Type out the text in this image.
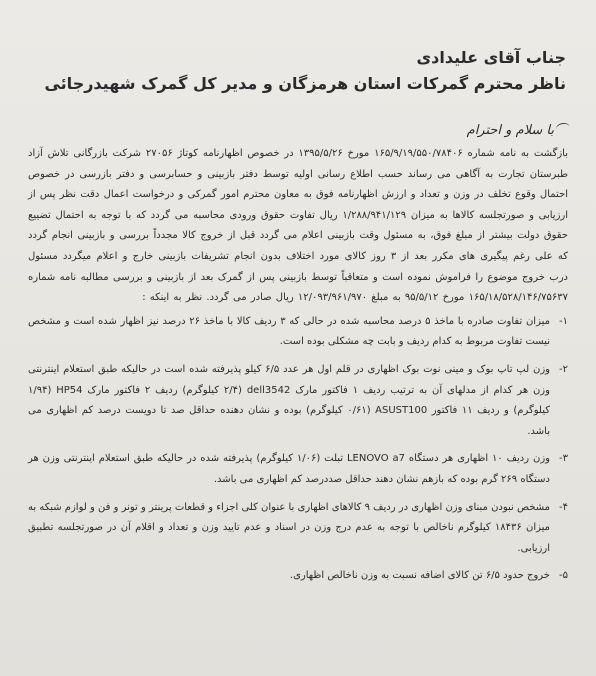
جناب آقای علیدادی
ناظر محترم گمرکات استان هرمزگان و مدیر کل گمرک شهیدرجائی
با سلام و احترام

بازگشت به نامه شماره ۱۶۵/۹/۱۹/۵۵۰/۷۸۴۰۶ مورخ ۱۳۹۵/۵/۲۶ در خصوص اظهارنامه کوتاژ ۲۷۰۵۶ شرکت بازرگانی تلاش آزاد طبرستان تجارت به آگاهی می رساند حسب اطلاع رسانی اولیه توسط دفتر بازبینی و حسابرسی و دفتر بازرسی در خصوص احتمال وقوع تخلف در وزن و تعداد و ارزش اظهارنامه فوق به معاون محترم امور گمرکی و درخواست اعمال دقت نظر پس از ارزیابی و صورتجلسه کالاها به میزان ۱/۲۸۸/۹۴۱/۱۲۹ ریال تفاوت حقوق ورودی محاسبه می گردد که با توجه به احتمال تضییع حقوق دولت بیشتر از مبلغ فوق، به مسئول وقت بازبینی اعلام می گردد قبل از خروج کالا مجدداً بررسی و بازبینی انجام گردد که علی رغم پیگیری های مکرر بعد از ۳ روز کالای مورد اختلاف بدون انجام تشریفات بازبینی خارج و اعلام میگردد مسئول درب خروج موضوع را فراموش نموده است و متعاقباً توسط بازبینی پس از گمرک بعد از بازبینی و بررسی مطالبه نامه شماره ۱۶۵/۱۸/۵۲۸/۱۴۶/۷۵۶۳۷ مورخ ۹۵/۵/۱۲ به مبلغ ۱۲/۰۹۳/۹۶۱/۹۷۰ ریال صادر می گردد. نظر به اینکه :

۱-
میزان تفاوت صادره با ماخذ ۵ درصد محاسبه شده در حالی که ۳ ردیف کالا با ماخذ ۲۶ درصد نیز اظهار شده است و مشخص نیست تفاوت مربوط به کدام ردیف و بابت چه مشکلی بوده است.
۲-
وزن لپ تاپ بوک و مینی نوت بوک اظهاری در قلم اول هر عدد ۶/۵ کیلو پذیرفته شده است در حالیکه طبق استعلام اینترنتی وزن هر کدام از مدلهای آن به ترتیب ردیف ۱ فاکتور مارک dell3542 (۲/۴ کیلوگرم) ردیف ۲ فاکتور مارک HP54 (۱/۹۴ کیلوگرم) و ردیف ۱۱ فاکتور ASUST100 (۰/۶۱ کیلوگرم) بوده و نشان دهنده حداقل صد تا دویست درصد کم اظهاری می باشد.
۳-
وزن ردیف ۱۰ اظهاری هر دستگاه LENOVO a7 تبلت (۱/۰۶ کیلوگرم) پذیرفته شده در حالیکه طبق استعلام اینترنتی وزن هر دستگاه ۲۶۹ گرم بوده که بازهم نشان دهند حداقل صددرصد کم اظهاری می باشد.
۴-
مشخص نبودن مبنای وزن اظهاری در ردیف ۹ کالاهای اظهاری با عنوان کلی اجزاء و قطعات پرینتر و تونر و فن و لوازم شبکه به میزان ۱۸۴۳۶ کیلوگرم ناخالص با توجه به عدم درج وزن در اسناد و عدم تایید وزن و تعداد و اقلام آن در صورتجلسه تطبیق ارزیابی.
۵-
خروج حدود ۶/۵ تن کالای اضافه نسبت به وزن ناخالص اظهاری.
